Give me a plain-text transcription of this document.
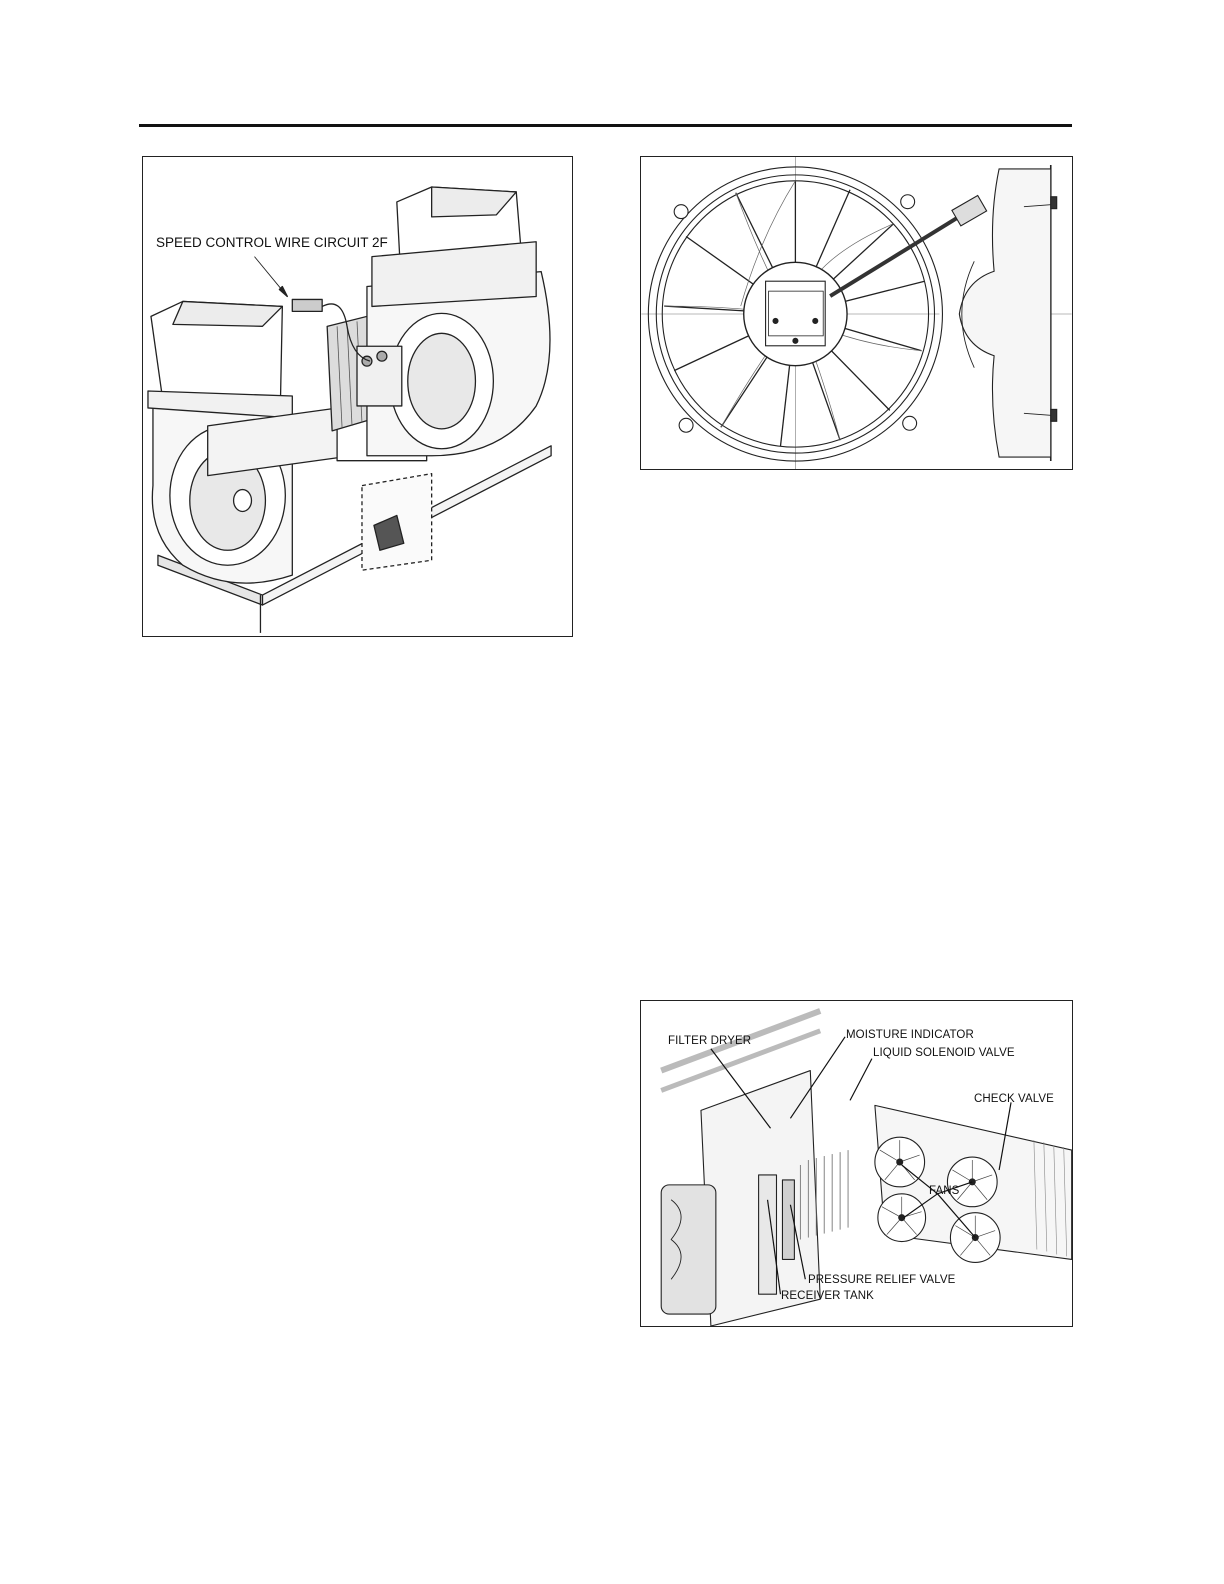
SPEED CONTROL WIRE CIRCUIT 2F
FILTER DRYER	MOISTURE INDICATOR
LIQUID SOLENOID VALVE
CHECK VALVE
FANS
PRESSURE RELIEF VALVE
RECEIVER TANK
